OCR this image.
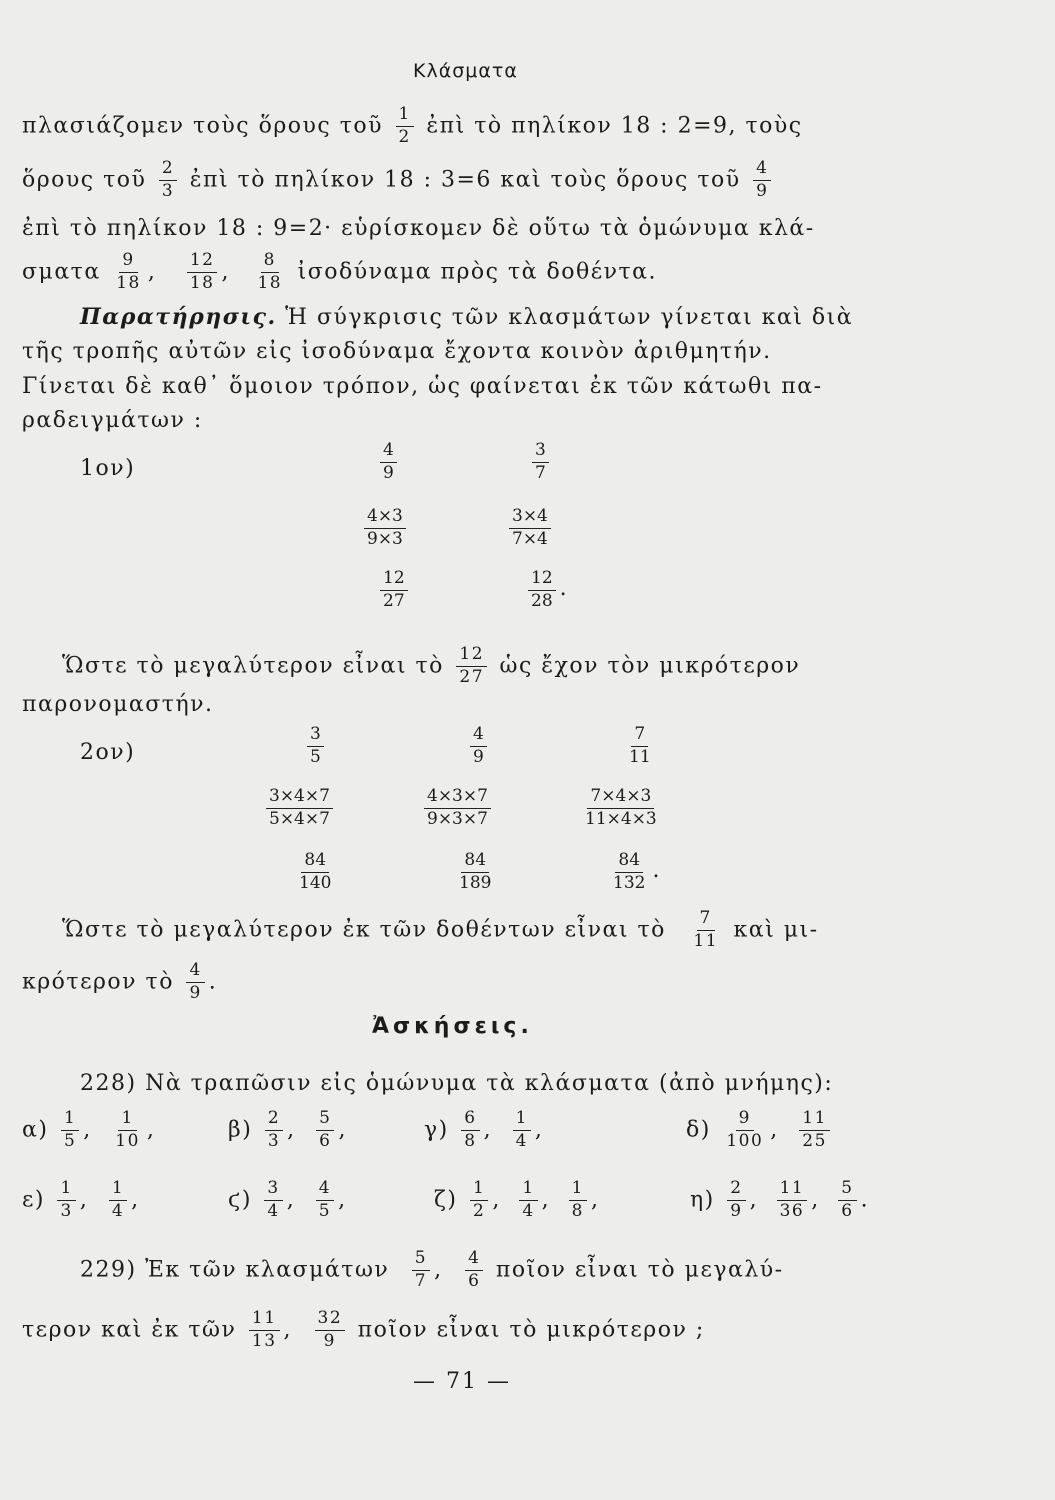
Κλάσματα
πλασιάζομεν τοὺς ὅρους τοῦ $\frac{1}{2}$ ἐπὶ τὸ πηλίκον 18 : 2=9, τοὺς
ὅρους τοῦ $\frac{2}{3}$ ἐπὶ τὸ πηλίκον 18 : 3=6 καὶ τοὺς ὅρους τοῦ $\frac{4}{9}$
ἐπὶ τὸ πηλίκον 18 : 9=2· εὑρίσκομεν δὲ οὕτω τὰ ὁμώνυμα κλά-
σματα $\frac{9}{18}$ , $\frac{12}{18}$ , $\frac{8}{18}$ ἰσοδύναμα πρὸς τὰ δοθέντα.
Παρατήρησις. Ἡ σύγκρισις τῶν κλασμάτων γίνεται καὶ διὰ
τῆς τροπῆς αὐτῶν εἰς ἰσοδύναμα ἔχοντα κοινὸν ἀριθμητήν.
Γίνεται δὲ καθ᾿ ὅμοιον τρόπον, ὡς φαίνεται ἐκ τῶν κάτωθι πα-
ραδειγμάτων :
1ον)	$\frac{4}{9}$	$\frac{3}{7}$
$\frac{4\times 3}{9\times 3}$	$\frac{3\times 4}{7\times 4}$
$\frac{12}{27}$	$\frac{12}{28}$ .
Ὥστε τὸ μεγαλύτερον εἶναι τὸ $\frac{12}{27}$ ὡς ἔχον τὸν μικρότερον
παρονομαστήν.
2ον)	$\frac{3}{5}$	$\frac{4}{9}$	$\frac{7}{11}$
$\frac{3\times 4\times 7}{5\times 4\times 7}$	$\frac{4\times 3\times 7}{9\times 3\times 7}$	$\frac{7\times 4\times 3}{11\times 4\times 3}$
$\frac{84}{140}$	$\frac{84}{189}$	$\frac{84}{132}$ .
Ὥστε τὸ μεγαλύτερον ἐκ τῶν δοθέντων εἶναι τὸ $\frac{7}{11}$ καὶ μι-
κρότερον τὸ $\frac{4}{9}$ .
Ἀσκήσεις.
228) Νὰ τραπῶσιν εἰς ὁμώνυμα τὰ κλάσματα (ἀπὸ μνήμης):
$\alpha) \frac{1}{5}$ , $\frac{1}{10}$ ,	$\beta) \frac{2}{3}$ , $\frac{5}{6}$ ,	$\gamma) \frac{6}{8}$ , $\frac{1}{4}$ ,	$\delta) \frac{9}{100}$ , $\frac{11}{25}$
$\varepsilon) \frac{1}{3}$ , $\frac{1}{4}$ ,	$ϛ) \frac{3}{4}$ , $\frac{4}{5}$ ,	$\zeta) \frac{1}{2}$ , $\frac{1}{4}$ , $\frac{1}{8}$ ,	$\eta) \frac{2}{9}$ , $\frac{11}{36}$ , $\frac{5}{6}$ .
229) Ἐκ τῶν κλασμάτων $\frac{5}{7}$ , $\frac{4}{6}$ ποῖον εἶναι τὸ μεγαλύ-
τερον καὶ ἐκ τῶν $\frac{11}{13}$ , $\frac{32}{9}$ ποῖον εἶναι τὸ μικρότερον ;
— 71 —
